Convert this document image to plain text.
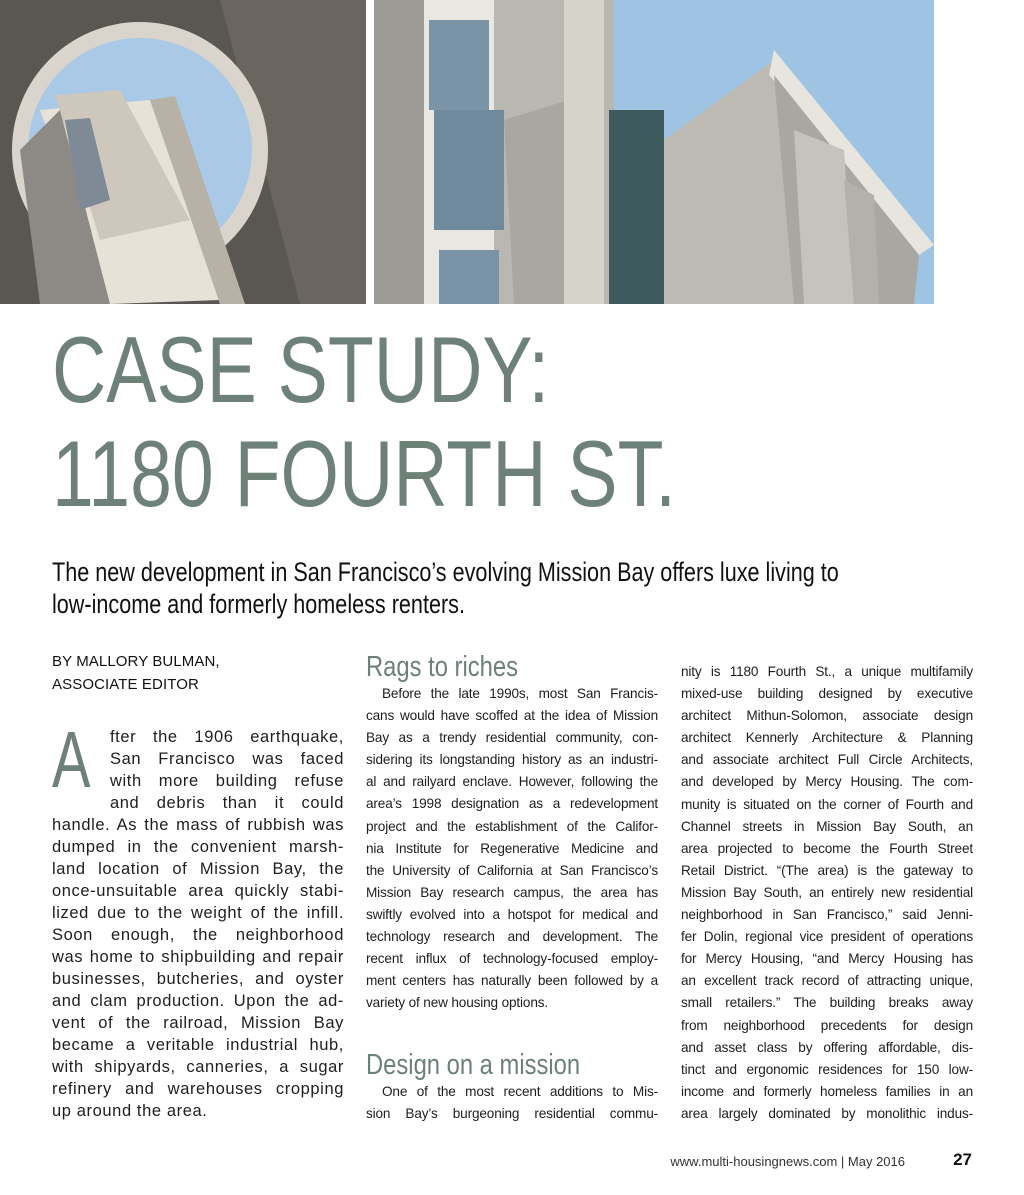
CASE STUDY:
1180 FOURTH ST.
The new development in San Francisco’s evolving Mission Bay offers luxe living to
low-income and formerly homeless renters.
BY MALLORY BULMAN,
ASSOCIATE EDITOR
A	fter the 1906 earthquake,
San Francisco was faced
with more building refuse
and debris than it could
handle. As the mass of rubbish was
dumped in the convenient marsh-
land location of Mission Bay, the
once-unsuitable area quickly stabi-
lized due to the weight of the infill.
Soon enough, the neighborhood
was home to shipbuilding and repair
businesses, butcheries, and oyster
and clam production. Upon the ad-
vent of the railroad, Mission Bay
became a veritable industrial hub,
with shipyards, canneries, a sugar
refinery and warehouses cropping
up around the area.
Rags to riches
Before the late 1990s, most San Francis-
cans would have scoffed at the idea of Mission
Bay as a trendy residential community, con-
sidering its longstanding history as an industri-
al and railyard enclave. However, following the
area’s 1998 designation as a redevelopment
project and the establishment of the Califor-
nia Institute for Regenerative Medicine and
the University of California at San Francisco’s
Mission Bay research campus, the area has
swiftly evolved into a hotspot for medical and
technology research and development. The
recent influx of technology-focused employ-
ment centers has naturally been followed by a
variety of new housing options.
Design on a mission
One of the most recent additions to Mis-
sion Bay’s burgeoning residential commu-
nity is 1180 Fourth St., a unique multifamily
mixed-use building designed by executive
architect Mithun-Solomon, associate design
architect Kennerly Architecture & Planning
and associate architect Full Circle Architects,
and developed by Mercy Housing. The com-
munity is situated on the corner of Fourth and
Channel streets in Mission Bay South, an
area projected to become the Fourth Street
Retail District. “(The area) is the gateway to
Mission Bay South, an entirely new residential
neighborhood in San Francisco,” said Jenni-
fer Dolin, regional vice president of operations
for Mercy Housing, “and Mercy Housing has
an excellent track record of attracting unique,
small retailers.” The building breaks away
from neighborhood precedents for design
and asset class by offering affordable, dis-
tinct and ergonomic residences for 150 low-
income and formerly homeless families in an
area largely dominated by monolithic indus-
www.multi-housingnews.com | May 2016	27
